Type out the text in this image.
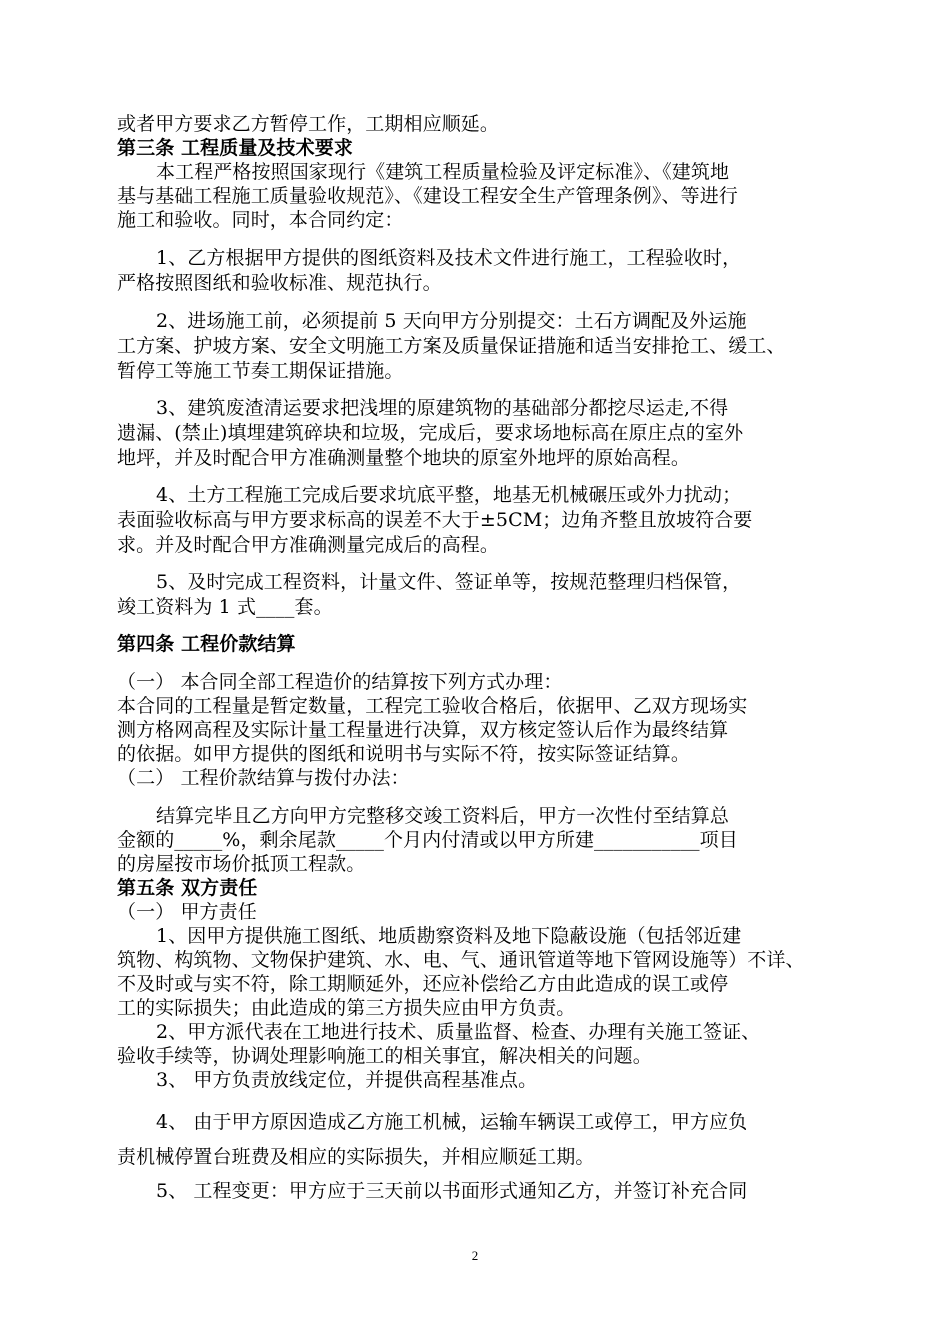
或者甲方要求乙方暂停工作，工期相应顺延。
第三条 工程质量及技术要求
本工程严格按照国家现行《建筑工程质量检验及评定标准》、《建筑地
基与基础工程施工质量验收规范》、《建设工程安全生产管理条例》、等进行
施工和验收。同时，本合同约定：
1、乙方根据甲方提供的图纸资料及技术文件进行施工，工程验收时，
严格按照图纸和验收标准、规范执行。
2、进场施工前，必须提前 5 天向甲方分别提交：土石方调配及外运施
工方案、护坡方案、安全文明施工方案及质量保证措施和适当安排抢工、缓工、
暂停工等施工节奏工期保证措施。
3、建筑废渣清运要求把浅埋的原建筑物的基础部分都挖尽运走,不得
遗漏、(禁止)填埋建筑碎块和垃圾，完成后，要求场地标高在原庄点的室外
地坪，并及时配合甲方准确测量整个地块的原室外地坪的原始高程。
4、土方工程施工完成后要求坑底平整，地基无机械碾压或外力扰动；
表面验收标高与甲方要求标高的误差不大于±5CM；边角齐整且放坡符合要
求。并及时配合甲方准确测量完成后的高程。
5、及时完成工程资料，计量文件、签证单等，按规范整理归档保管，
竣工资料为 1 式____套。
第四条 工程价款结算
（一） 本合同全部工程造价的结算按下列方式办理：
本合同的工程量是暂定数量，工程完工验收合格后，依据甲、乙双方现场实
测方格网高程及实际计量工程量进行决算，双方核定签认后作为最终结算
的依据。如甲方提供的图纸和说明书与实际不符，按实际签证结算。
（二） 工程价款结算与拨付办法：
结算完毕且乙方向甲方完整移交竣工资料后，甲方一次性付至结算总
金额的_____%，剩余尾款_____个月内付清或以甲方所建___________项目
的房屋按市场价抵顶工程款。
第五条 双方责任
（一） 甲方责任
1、因甲方提供施工图纸、地质勘察资料及地下隐蔽设施（包括邻近建
筑物、构筑物、文物保护建筑、水、电、气、通讯管道等地下管网设施等）不详、
不及时或与实不符，除工期顺延外，还应补偿给乙方由此造成的误工或停
工的实际损失；由此造成的第三方损失应由甲方负责。
2、甲方派代表在工地进行技术、质量监督、检查、办理有关施工签证、
验收手续等，协调处理影响施工的相关事宜，解决相关的问题。
3、 甲方负责放线定位，并提供高程基准点。
4、 由于甲方原因造成乙方施工机械，运输车辆误工或停工，甲方应负
责机械停置台班费及相应的实际损失，并相应顺延工期。
5、 工程变更：甲方应于三天前以书面形式通知乙方，并签订补充合同
2
